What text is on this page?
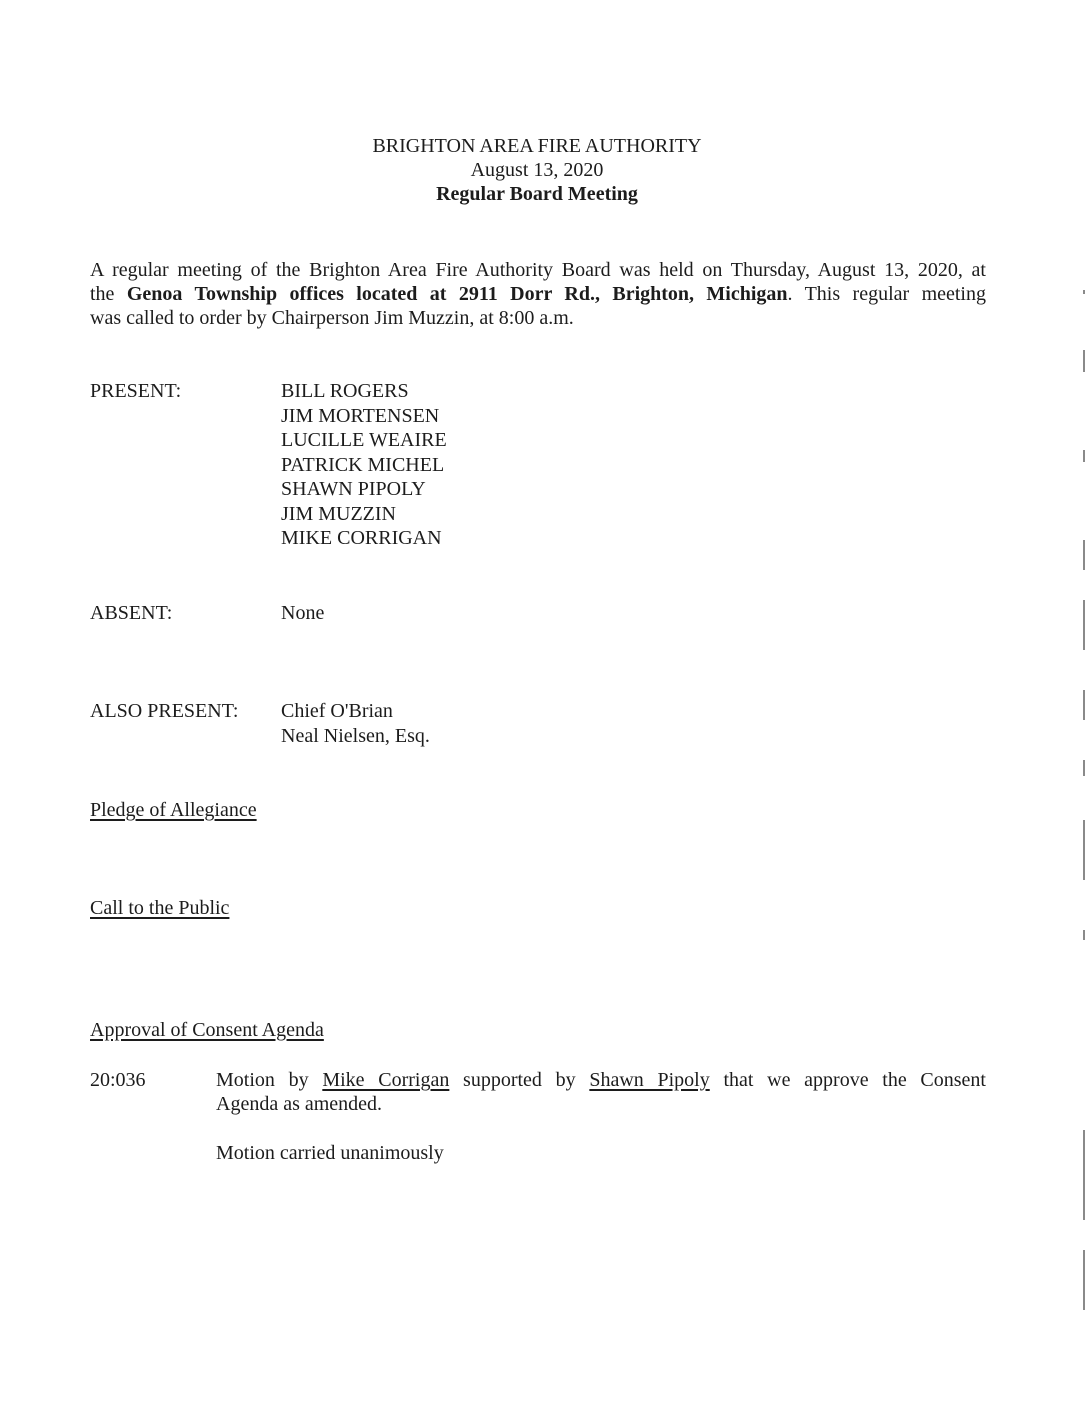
BRIGHTON AREA FIRE AUTHORITY
August 13, 2020
Regular Board Meeting
A regular meeting of the Brighton Area Fire Authority Board was held on Thursday, August 13, 2020, at
the Genoa Township offices located at 2911 Dorr Rd., Brighton, Michigan. This regular meeting
was called to order by Chairperson Jim Muzzin, at 8:00 a.m.
PRESENT:	BILL ROGERS
JIM MORTENSEN
LUCILLE WEAIRE
PATRICK MICHEL
SHAWN PIPOLY
JIM MUZZIN
MIKE CORRIGAN
ABSENT:	None
ALSO PRESENT: Chief O'Brian
Neal Nielsen, Esq.
Pledge of Allegiance
Call to the Public
Approval of Consent Agenda
20:036	Motion by Mike Corrigan supported by Shawn Pipoly that we approve the Consent
Agenda as amended.
Motion carried unanimously
